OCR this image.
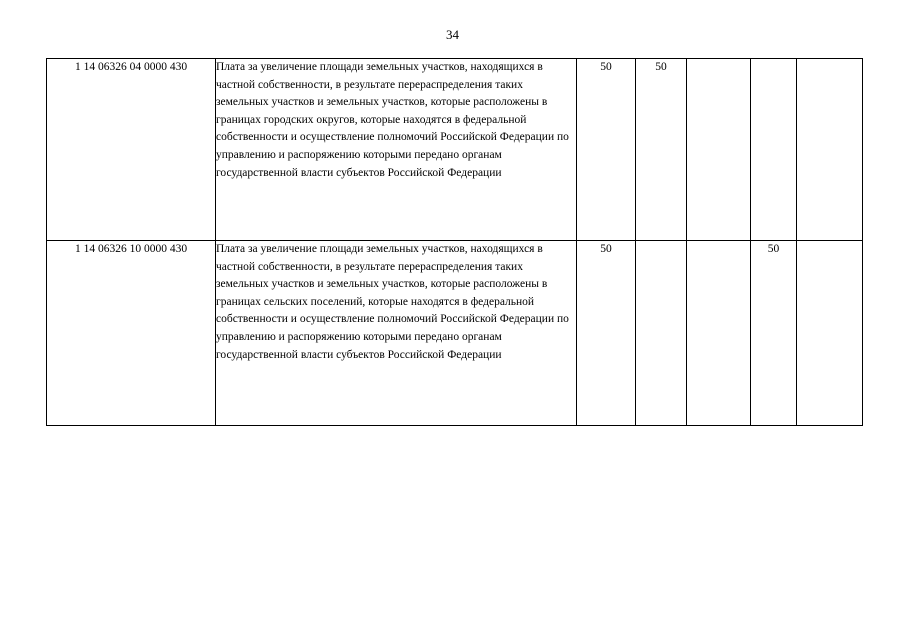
34
1 14 06326 04 0000 430	Плата за увеличение площади земельных участков, находящихся в частной собственности, в результате перераспределения таких земельных участков и земельных участков, которые расположены в границах городских округов, которые находятся в федеральной собственности и осуществление полномочий Российской Федерации по управлению и распоряжению которыми передано органам государственной власти субъектов Российской Федерации	50	50			
1 14 06326 10 0000 430	Плата за увеличение площади земельных участков, находящихся в частной собственности, в результате перераспределения таких земельных участков и земельных участков, которые расположены в границах сельских поселений, которые находятся в федеральной собственности и осуществление полномочий Российской Федерации по управлению и распоряжению которыми передано органам государственной власти субъектов Российской Федерации	50			50	
